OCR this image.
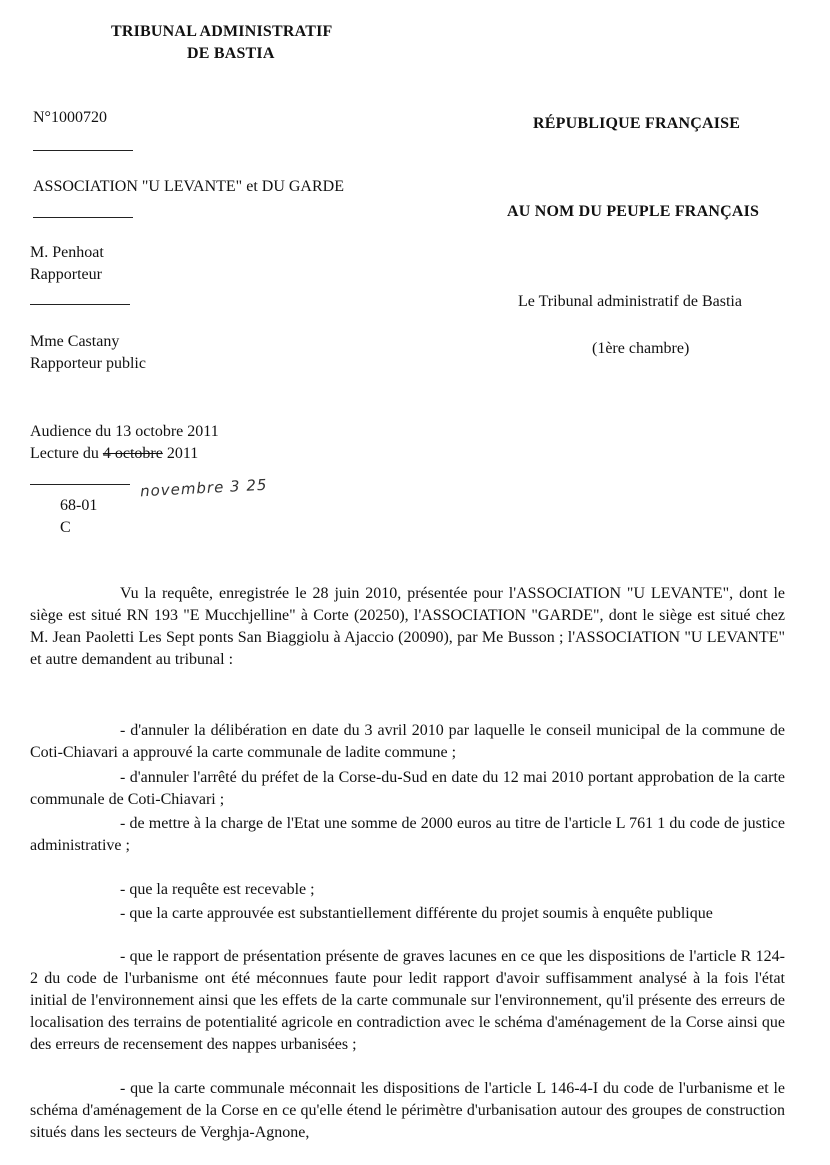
TRIBUNAL ADMINISTRATIF
DE BASTIA
N°1000720
ASSOCIATION "U LEVANTE" et DU GARDE
M. Penhoat
Rapporteur
Mme Castany
Rapporteur public
Audience du 13 octobre 2011
Lecture du 4 octobre 2011
novembre 3 25
68-01
C
RÉPUBLIQUE FRANÇAISE
AU NOM DU PEUPLE FRANÇAIS
Le Tribunal administratif de Bastia
(1ère chambre)
Vu la requête, enregistrée le 28 juin 2010, présentée pour l'ASSOCIATION "U LEVANTE", dont le siège est situé RN 193 "E Mucchjelline" à Corte (20250), l'ASSOCIATION "GARDE", dont le siège est situé chez M. Jean Paoletti Les Sept ponts San Biaggiolu à Ajaccio (20090), par Me Busson ; l'ASSOCIATION "U LEVANTE" et autre demandent au tribunal :
- d'annuler la délibération en date du 3 avril 2010 par laquelle le conseil municipal de la commune de Coti-Chiavari a approuvé la carte communale de ladite commune ;
- d'annuler l'arrêté du préfet de la Corse-du-Sud en date du 12 mai 2010 portant approbation de la carte communale de Coti-Chiavari ;
- de mettre à la charge de l'Etat une somme de 2000 euros au titre de l'article L 761 1 du code de justice administrative ;
- que la requête est recevable ;
- que la carte approuvée est substantiellement différente du projet soumis à enquête publique
- que le rapport de présentation présente de graves lacunes en ce que les dispositions de l'article R 124-2 du code de l'urbanisme ont été méconnues faute pour ledit rapport d'avoir suffisamment analysé à la fois l'état initial de l'environnement ainsi que les effets de la carte communale sur l'environnement, qu'il présente des erreurs de localisation des terrains de potentialité agricole en contradiction avec le schéma d'aménagement de la Corse ainsi que des erreurs de recensement des nappes urbanisées ;
- que la carte communale méconnait les dispositions de l'article L 146-4-I du code de l'urbanisme et le schéma d'aménagement de la Corse en ce qu'elle étend le périmètre d'urbanisation autour des groupes de construction situés dans les secteurs de Verghja-Agnone,
